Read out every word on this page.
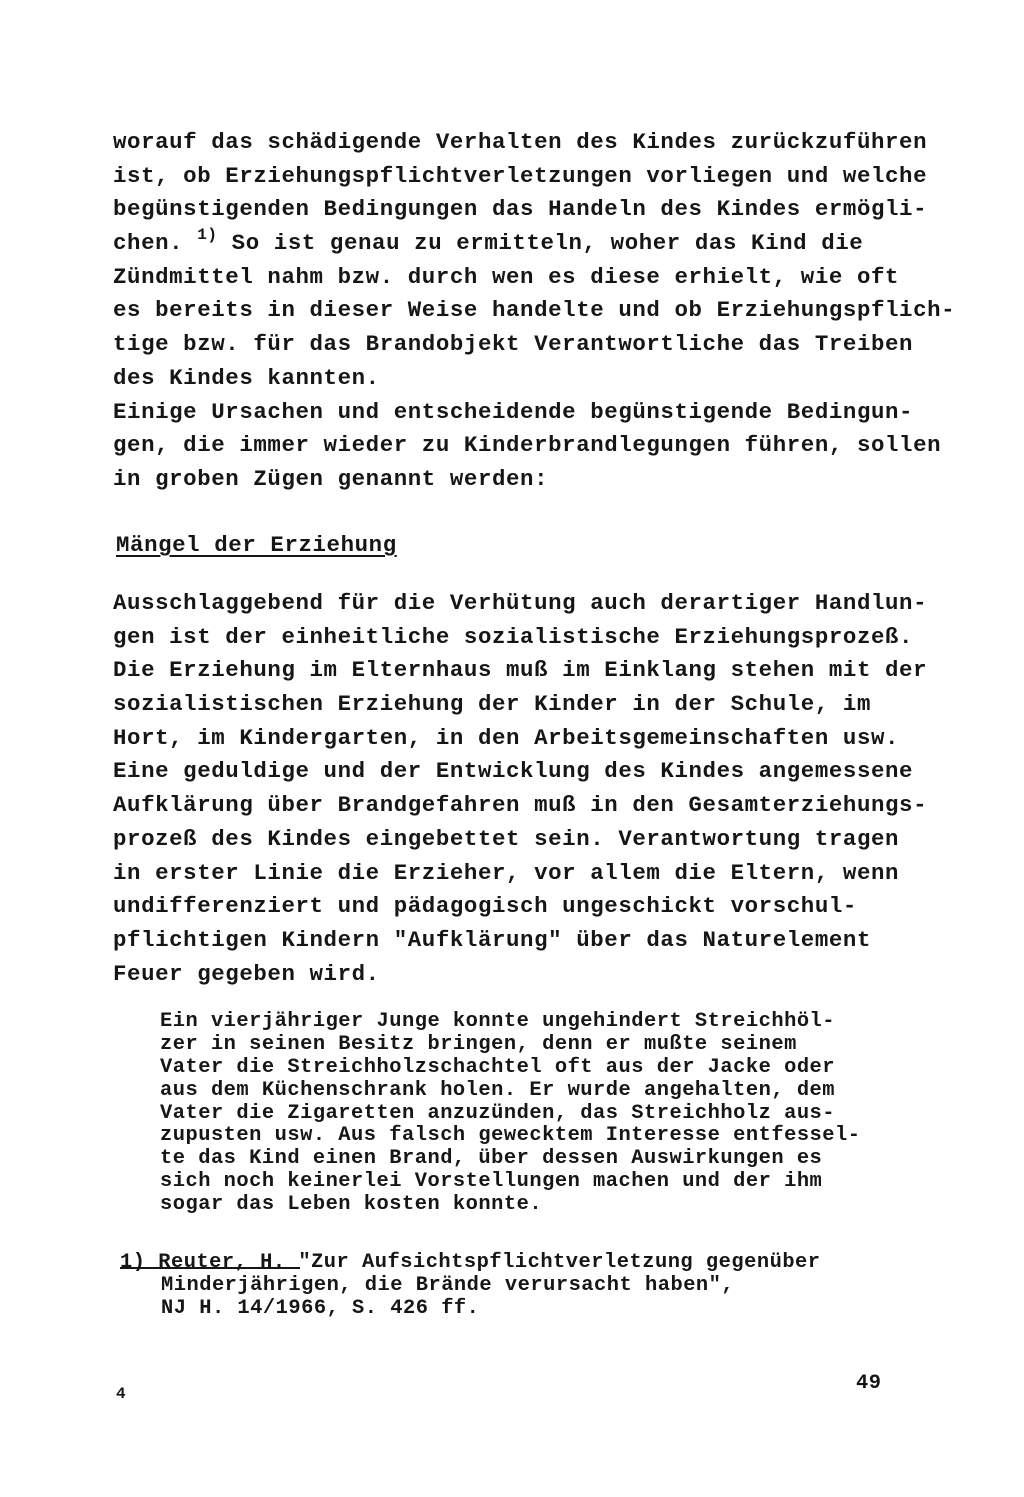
worauf das schädigende Verhalten des Kindes zurückzuführen
ist, ob Erziehungspflichtverletzungen vorliegen und welche
begünstigenden Bedingungen das Handeln des Kindes ermögli-
chen. $^{1)}$ So ist genau zu ermitteln, woher das Kind die
Zündmittel nahm bzw. durch wen es diese erhielt, wie oft
es bereits in dieser Weise handelte und ob Erziehungspflich-
tige bzw. für das Brandobjekt Verantwortliche das Treiben
des Kindes kannten.
Einige Ursachen und entscheidende begünstigende Bedingun-
gen, die immer wieder zu Kinderbrandlegungen führen, sollen
in groben Zügen genannt werden:
Mängel der Erziehung
Ausschlaggebend für die Verhütung auch derartiger Handlun-
gen ist der einheitliche sozialistische Erziehungsprozeß.
Die Erziehung im Elternhaus muß im Einklang stehen mit der
sozialistischen Erziehung der Kinder in der Schule, im
Hort, im Kindergarten, in den Arbeitsgemeinschaften usw.
Eine geduldige und der Entwicklung des Kindes angemessene
Aufklärung über Brandgefahren muß in den Gesamterziehungs-
prozeß des Kindes eingebettet sein. Verantwortung tragen
in erster Linie die Erzieher, vor allem die Eltern, wenn
undifferenziert und pädagogisch ungeschickt vorschul-
pflichtigen Kindern "Aufklärung" über das Naturelement
Feuer gegeben wird.
Ein vierjähriger Junge konnte ungehindert Streichhöl-
zer in seinen Besitz bringen, denn er mußte seinem
Vater die Streichholzschachtel oft aus der Jacke oder
aus dem Küchenschrank holen. Er wurde angehalten, dem
Vater die Zigaretten anzuzünden, das Streichholz aus-
zupusten usw. Aus falsch gewecktem Interesse entfessel-
te das Kind einen Brand, über dessen Auswirkungen es
sich noch keinerlei Vorstellungen machen und der ihm
sogar das Leben kosten konnte.
1) Reuter, H. "Zur Aufsichtspflichtverletzung gegenüber
Minderjährigen, die Brände verursacht haben",
NJ H. 14/1966, S. 426 ff.
4	49
